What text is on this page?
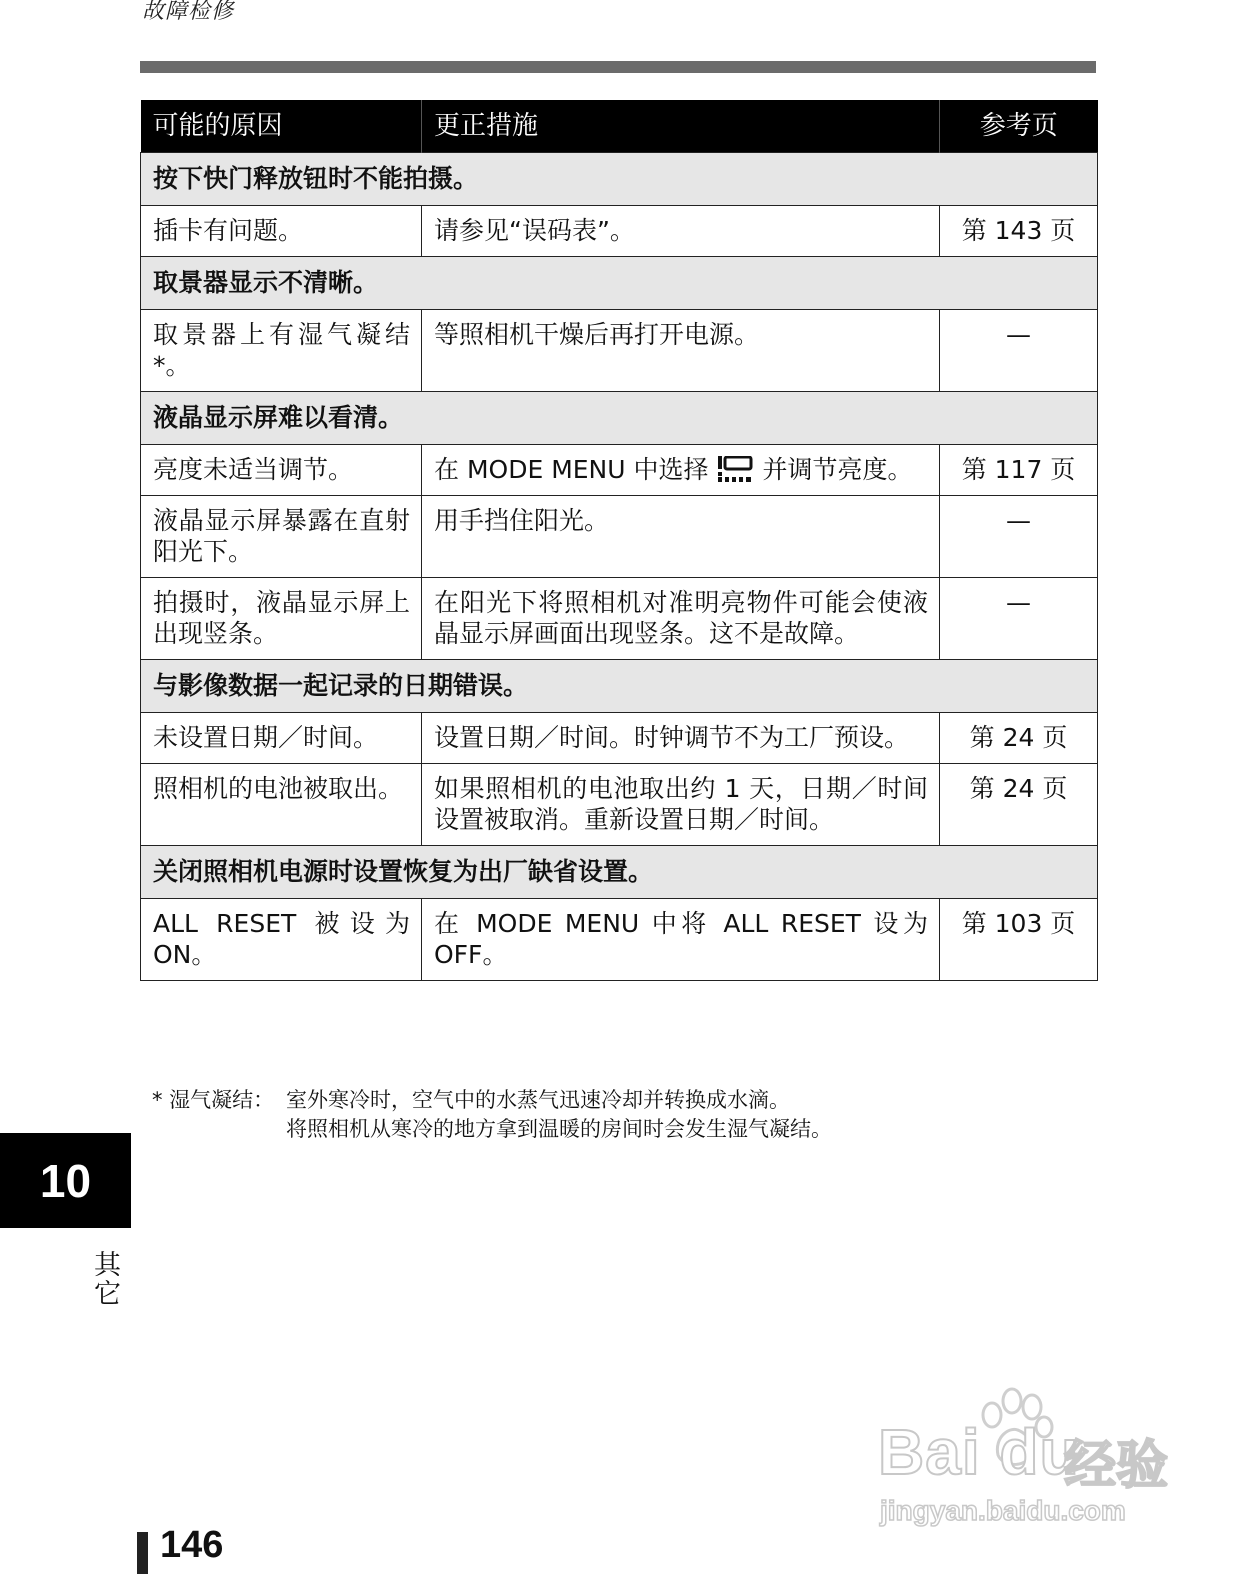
故障检修
可能的原因	更正措施	参考页
按下快门释放钮时不能拍摄。		
插卡有问题。	请参见“误码表”。	第 143 页
取景器显示不清晰。		
取景器上有湿气凝结*。	等照相机干燥后再打开电源。	—
液晶显示屏难以看清。		
亮度未适当调节。	在 MODE MENU 中选择 并调节亮度。	第 117 页
液晶显示屏暴露在直射阳光下。	用手挡住阳光。	—
拍摄时，液晶显示屏上出现竖条。	在阳光下将照相机对准明亮物件可能会使液晶显示屏画面出现竖条。这不是故障。	—
与影像数据一起记录的日期错误。		
未设置日期／时间。	设置日期／时间。时钟调节不为工厂预设。	第 24 页
照相机的电池被取出。	如果照相机的电池取出约 1 天，日期／时间设置被取消。重新设置日期／时间。	第 24 页
关闭照相机电源时设置恢复为出厂缺省设置。		
ALL RESET 被设为 ON。	在 MODE MENU 中将 ALL RESET 设为 OFF。	第 103 页
* 湿气凝结： 室外寒冷时，空气中的水蒸气迅速冷却并转换成水滴。
将照相机从寒冷的地方拿到温暖的房间时会发生湿气凝结。
10
其它
146
Bai du
经验
jingyan.baidu.com
